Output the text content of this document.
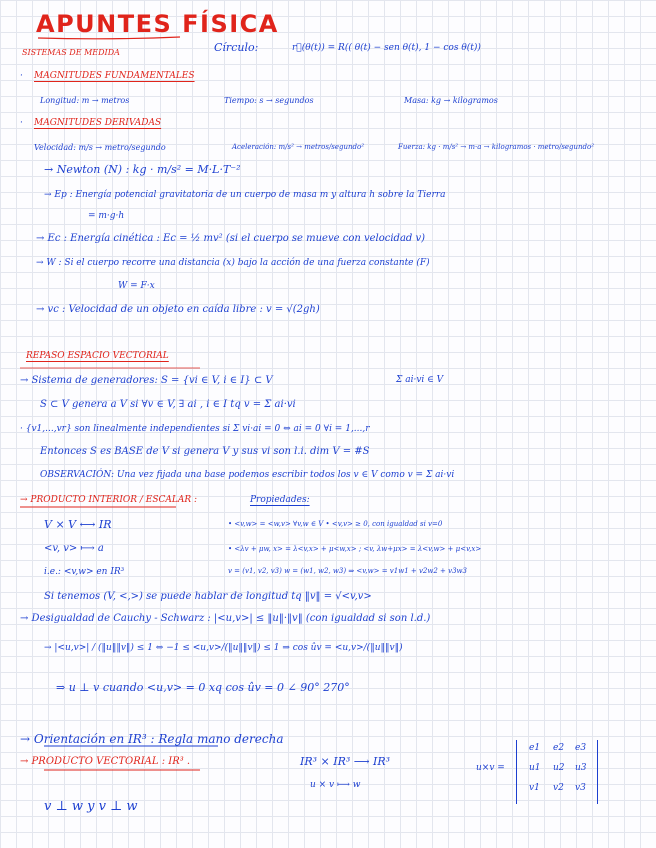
APUNTES FÍSICA
SISTEMAS DE MEDIDA	Círculo:	r⃗(θ(t)) = R(( θ(t) − sen θ(t), 1 − cos θ(t))
· MAGNITUDES FUNDAMENTALES
Longitud: m → metros	Tiempo: s → segundos	Masa: kg → kilogramos
· MAGNITUDES DERIVADAS
Velocidad: m/s → metro/segundo	Aceleración: m/s² → metros/segundo²	Fuerza: kg · m/s² → m·a → kilogramos · metro/segundo²
→ Newton (N) : kg · m/s² = M·L·T⁻²
→ Ep : Energía potencial gravitatoria de un cuerpo de masa m y altura h sobre la Tierra
= m·g·h
→ Ec : Energía cinética : Ec = ½ mv² (si el cuerpo se mueve con velocidad v)
→ W : Si el cuerpo recorre una distancia (x) bajo la acción de una fuerza constante (F)
W = F·x
→ vc : Velocidad de un objeto en caída libre : v = √(2gh)
REPASO ESPACIO VECTORIAL
→ Sistema de generadores: S = {vi ∈ V, i ∈ I} ⊂ V	Σ ai·vi ∈ V
S ⊂ V genera a V si ∀v ∈ V, ∃ ai , i ∈ I tq v = Σ ai·vi
· {v1,...,vr} son linealmente independientes si Σ vi·ai = 0 ⇔ ai = 0 ∀i = 1,...,r
Entonces S es BASE de V si genera V y sus vi son l.i. dim V = #S
OBSERVACIÓN: Una vez fijada una base podemos escribir todos los v ∈ V como v = Σ ai·vi
→ PRODUCTO INTERIOR / ESCALAR :	Propiedades:
V × V ⟷ IR	• <v,w> = <w,v> ∀v,w ∈ V • <v,v> ≥ 0, con igualdad si v=0
<v, v> ⟼ a	• <λv + μw, x> = λ<v,x> + μ<w,x> ; <v, λw+μx> = λ<v,w> + μ<v,x>
i.e.: <v,w> en IR³	v = (v1, v2, v3) w = (w1, w2, w3) ⇒ <v,w> = v1w1 + v2w2 + v3w3
Si tenemos (V, <,>) se puede hablar de longitud tq ‖v‖ = √<v,v>
→ Desigualdad de Cauchy - Schwarz : |<u,v>| ≤ ‖u‖·‖v‖ (con igualdad si son l.d.)
→ |<u,v>| / (‖u‖‖v‖) ≤ 1 ⇔ −1 ≤ <u,v>/(‖u‖‖v‖) ≤ 1 ⇒ cos ûv = <u,v>/(‖u‖‖v‖)
⇒ u ⊥ v cuando <u,v> = 0 xq cos ûv = 0 ∠ 90° 270°
→ Orientación en IR³ : Regla mano derecha
→ PRODUCTO VECTORIAL : IR³ .	IR³ × IR³ ⟶ IR³
u × v ⟼ w
u×v =
e1 e2 e3
u1 u2 u3
v1 v2 v3
v ⊥ w y v ⊥ w
